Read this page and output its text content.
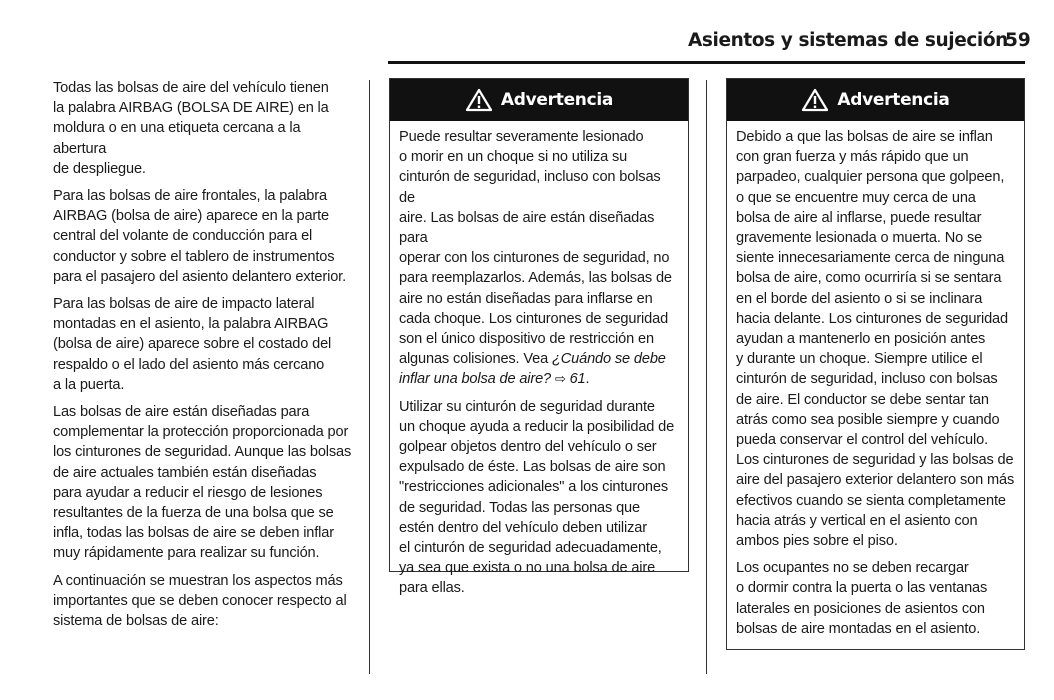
Asientos y sistemas de sujeción
59

Todas las bolsas de aire del vehículo tienen
la palabra AIRBAG (BOLSA DE AIRE) en la
moldura o en una etiqueta cercana a la abertura
de despliegue.

Para las bolsas de aire frontales, la palabra
AIRBAG (bolsa de aire) aparece en la parte
central del volante de conducción para el
conductor y sobre el tablero de instrumentos
para el pasajero del asiento delantero exterior.

Para las bolsas de aire de impacto lateral
montadas en el asiento, la palabra AIRBAG
(bolsa de aire) aparece sobre el costado del
respaldo o el lado del asiento más cercano
a la puerta.

Las bolsas de aire están diseñadas para
complementar la protección proporcionada por
los cinturones de seguridad. Aunque las bolsas
de aire actuales también están diseñadas
para ayudar a reducir el riesgo de lesiones
resultantes de la fuerza de una bolsa que se
infla, todas las bolsas de aire se deben inflar
muy rápidamente para realizar su función.

A continuación se muestran los aspectos más
importantes que se deben conocer respecto al
sistema de bolsas de aire:

Advertencia

Puede resultar severamente lesionado
o morir en un choque si no utiliza su
cinturón de seguridad, incluso con bolsas de
aire. Las bolsas de aire están diseñadas para
operar con los cinturones de seguridad, no
para reemplazarlos. Además, las bolsas de
aire no están diseñadas para inflarse en
cada choque. Los cinturones de seguridad
son el único dispositivo de restricción en
algunas colisiones. Vea ¿Cuándo se debe
inflar una bolsa de aire? ⇨ 61.

Utilizar su cinturón de seguridad durante
un choque ayuda a reducir la posibilidad de
golpear objetos dentro del vehículo o ser
expulsado de éste. Las bolsas de aire son
"restricciones adicionales" a los cinturones
de seguridad. Todas las personas que
estén dentro del vehículo deben utilizar
el cinturón de seguridad adecuadamente,
ya sea que exista o no una bolsa de aire
para ellas.

Advertencia

Debido a que las bolsas de aire se inflan
con gran fuerza y más rápido que un
parpadeo, cualquier persona que golpeen,
o que se encuentre muy cerca de una
bolsa de aire al inflarse, puede resultar
gravemente lesionada o muerta. No se
siente innecesariamente cerca de ninguna
bolsa de aire, como ocurriría si se sentara
en el borde del asiento o si se inclinara
hacia delante. Los cinturones de seguridad
ayudan a mantenerlo en posición antes
y durante un choque. Siempre utilice el
cinturón de seguridad, incluso con bolsas
de aire. El conductor se debe sentar tan
atrás como sea posible siempre y cuando
pueda conservar el control del vehículo.
Los cinturones de seguridad y las bolsas de
aire del pasajero exterior delantero son más
efectivos cuando se sienta completamente
hacia atrás y vertical en el asiento con
ambos pies sobre el piso.

Los ocupantes no se deben recargar
o dormir contra la puerta o las ventanas
laterales en posiciones de asientos con
bolsas de aire montadas en el asiento.
